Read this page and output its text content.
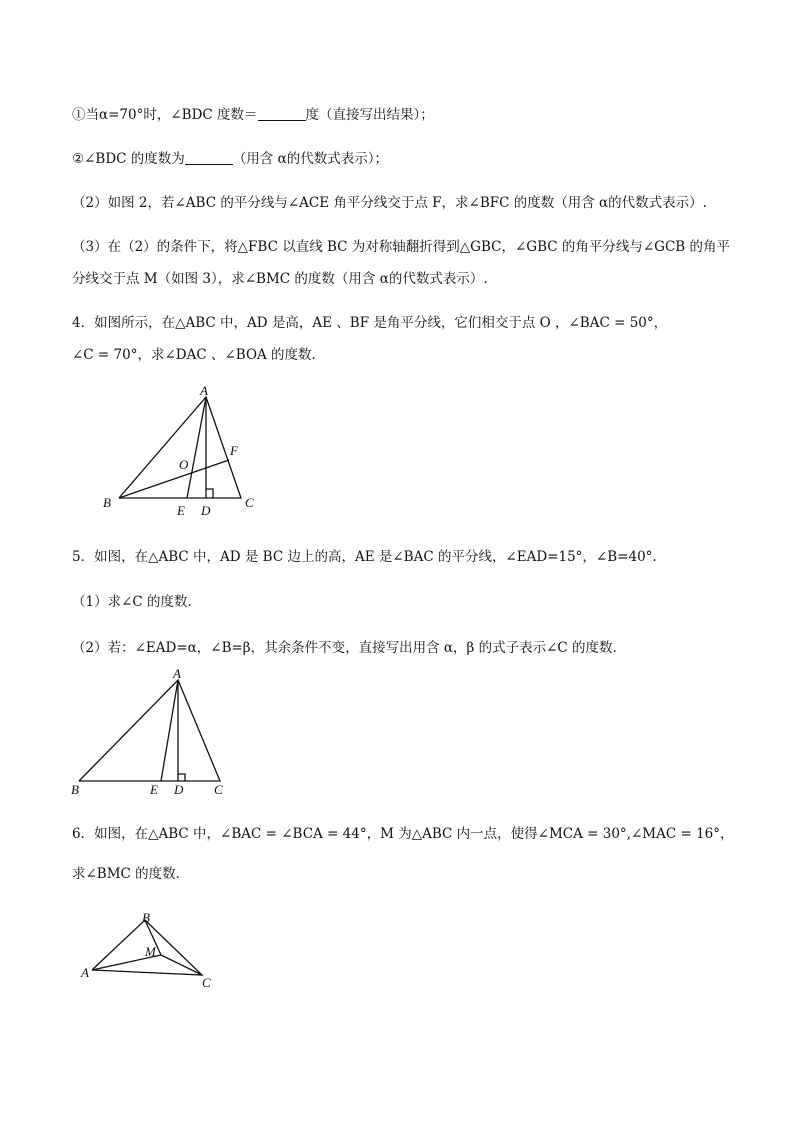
①当α=70°时，∠BDC 度数＝	度（直接写出结果）；
②∠BDC 的度数为	（用含 α的代数式表示）；
（2）如图 2，若∠ABC 的平分线与∠ACE 角平分线交于点 F，求∠BFC 的度数（用含 α的代数式表示）.
（3）在（2）的条件下，将△FBC 以直线 BC 为对称轴翻折得到△GBC，∠GBC 的角平分线与∠GCB 的角平
分线交于点 M（如图 3），求∠BMC 的度数（用含 α的代数式表示）.
4．如图所示，在△ABC 中，AD 是高，AE 、BF 是角平分线，它们相交于点 O ，∠BAC = 50°，
∠C = 70°，求∠DAC 、∠BOA 的度数.
A
B	C
D
E
F
O
5．如图，在△ABC 中，AD 是 BC 边上的高，AE 是∠BAC 的平分线，∠EAD=15°，∠B=40°.
（1）求∠C 的度数.
（2）若：∠EAD=α，∠B=β，其余条件不变，直接写出用含 α，β 的式子表示∠C 的度数.
A
B	C
D
E
6．如图，在△ABC 中，∠BAC = ∠BCA = 44°，M 为△ABC 内一点，使得∠MCA = 30°,∠MAC = 16°，
求∠BMC 的度数.
B
A
C
M
